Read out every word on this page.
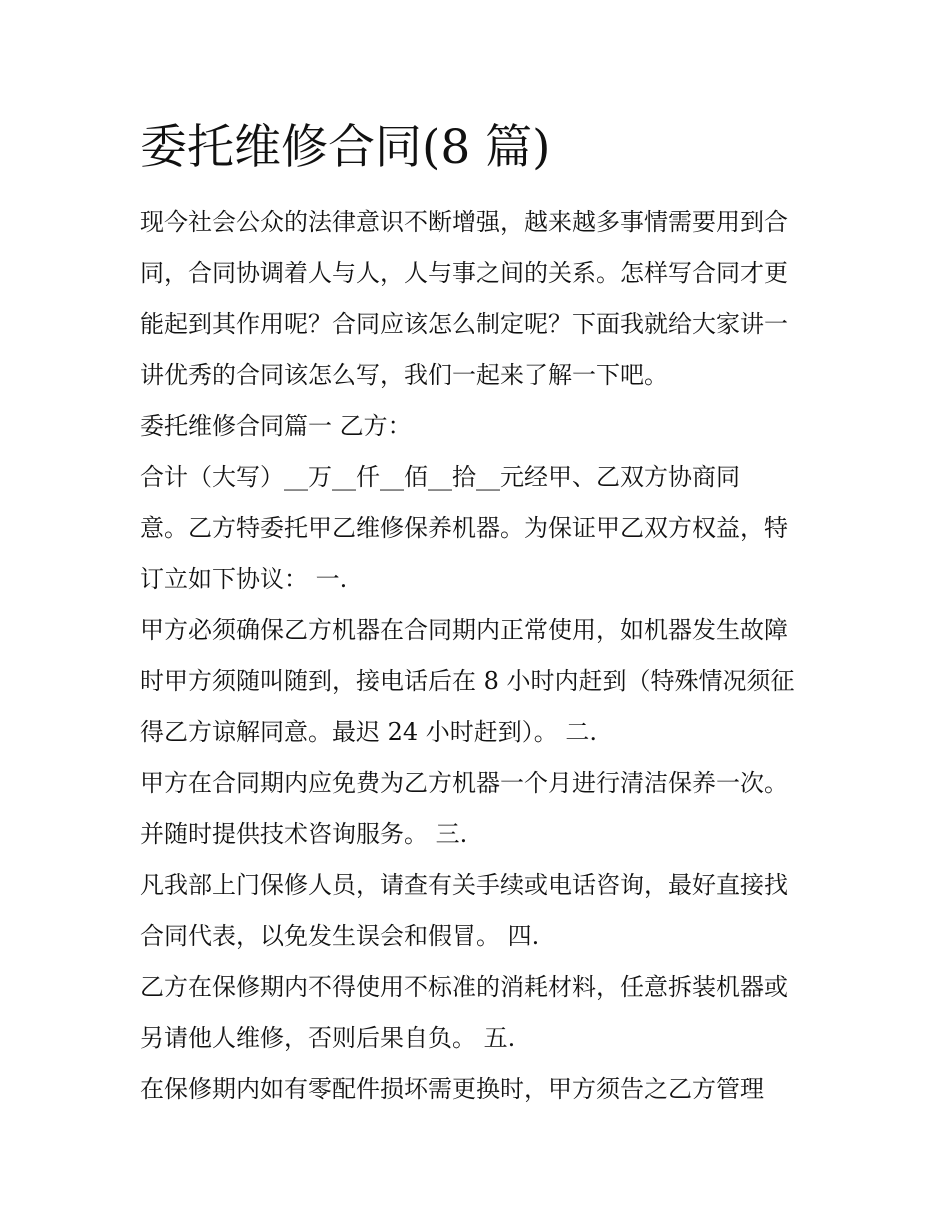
委托维修合同(8 篇)
现今社会公众的法律意识不断增强，越来越多事情需要用到合
同，合同协调着人与人，人与事之间的关系。怎样写合同才更
能起到其作用呢？合同应该怎么制定呢？下面我就给大家讲一
讲优秀的合同该怎么写，我们一起来了解一下吧。
委托维修合同篇一 乙方：
合计（大写）__万__仟__佰__拾__元经甲、乙双方协商同
意。乙方特委托甲乙维修保养机器。为保证甲乙双方权益，特
订立如下协议： 一.
甲方必须确保乙方机器在合同期内正常使用，如机器发生故障
时甲方须随叫随到，接电话后在 8 小时内赶到（特殊情况须征
得乙方谅解同意。最迟 24 小时赶到）。 二.
甲方在合同期内应免费为乙方机器一个月进行清洁保养一次。
并随时提供技术咨询服务。 三.
凡我部上门保修人员，请查有关手续或电话咨询，最好直接找
合同代表，以免发生误会和假冒。 四.
乙方在保修期内不得使用不标准的消耗材料，任意拆装机器或
另请他人维修，否则后果自负。 五.
在保修期内如有零配件损坏需更换时，甲方须告之乙方管理
